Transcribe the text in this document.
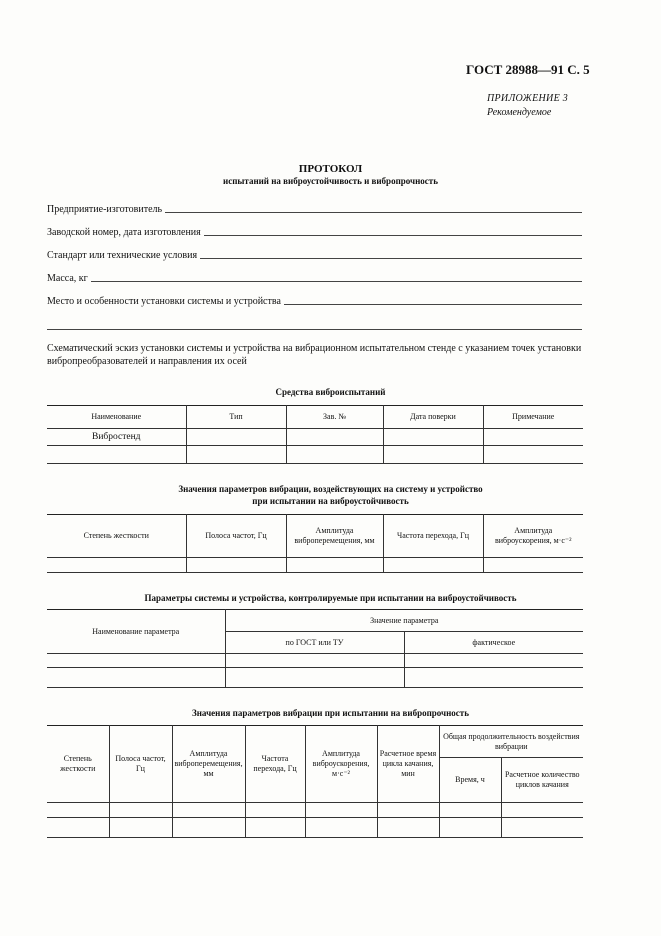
ГОСТ 28988—91 С. 5
ПРИЛОЖЕНИЕ 3
Рекомендуемое
ПРОТОКОЛ
испытаний на виброустойчивость и вибропрочность
Предприятие-изготовитель
Заводской номер, дата изготовления
Стандарт или технические условия
Масса, кг
Место и особенности установки системы и устройства
Схематический эскиз установки системы и устройства на вибрационном испытательном стенде с указанием точек установки вибропреобразователей и направления их осей
Средства виброиспытаний
Наименование	Тип	Зав. №	Дата поверки	Примечание
Вибростенд				

Значения параметров вибрации, воздействующих на систему и устройство
при испытании на виброустойчивость
Степень жесткости	Полоса частот, Гц	Амплитуда виброперемещения, мм	Частота перехода, Гц	Амплитуда виброускорения, м·с⁻²

Параметры системы и устройства, контролируемые при испытании на виброустойчивость
Наименование параметра	Значение параметра	
	по ГОСТ или ТУ	фактическое

Значения параметров вибрации при испытании на вибропрочность
Степень жесткости	Полоса частот, Гц	Амплитуда виброперемещения, мм	Частота перехода, Гц	Амплитуда виброускорения, м·с⁻²	Расчетное время цикла качания, мин	Общая продолжительность воздействия вибрации	
						Время, ч	Расчетное количество циклов качания
